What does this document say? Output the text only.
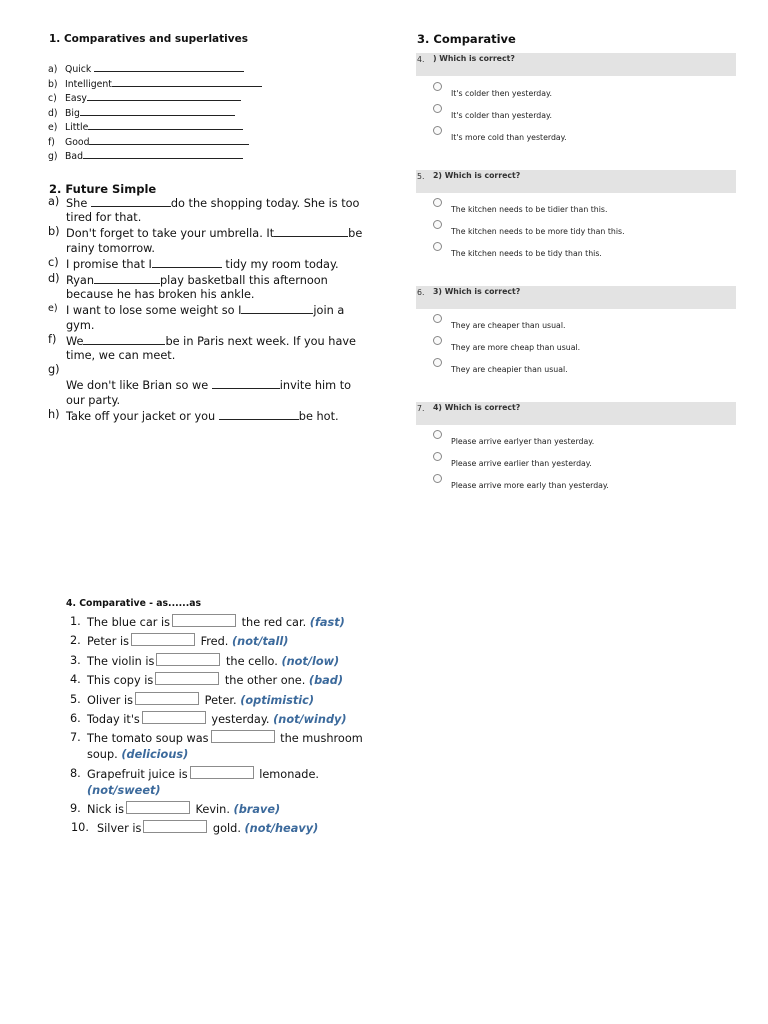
1. Comparatives and superlatives
a) Quick
b) Intelligent
c) Easy
d) Big
e) Little
f) Good
g) Bad
2. Future Simple
a) She	do the shopping today. She is too tired for that.
b) Don't forget to take your umbrella. It	be rainy tomorrow.
c) I promise that I	tidy my room today.
d) Ryan	play basketball this afternoon because he has broken his ankle.
e) I want to lose some weight so I	join a gym.
f) We	be in Paris next week. If you have time, we can meet.
g)

We don't like Brian so we	invite him to our party.
h) Take off your jacket or you	be hot.
3. Comparative
4. ) Which is correct?
It's colder then yesterday.
It's colder than yesterday.
It's more cold than yesterday.
5. 2) Which is correct?
The kitchen needs to be tidier than this.
The kitchen needs to be more tidy than this.
The kitchen needs to be tidy than this.
6. 3) Which is correct?
They are cheaper than usual.
They are more cheap than usual.
They are cheapier than usual.
7. 4) Which is correct?
Please arrive earlyer than yesterday.
Please arrive earlier than yesterday.
Please arrive more early than yesterday.
4. Comparative - as......as
1. The blue car is	the red car. (fast)
2. Peter is	Fred. (not/tall)
3. The violin is	the cello. (not/low)
4. This copy is	the other one. (bad)
5. Oliver is	Peter. (optimistic)
6. Today it's	yesterday. (not/windy)
7. The tomato soup was	the mushroom soup. (delicious)
8. Grapefruit juice is	lemonade. (not/sweet)
9. Nick is	Kevin. (brave)
10. Silver is	gold. (not/heavy)
